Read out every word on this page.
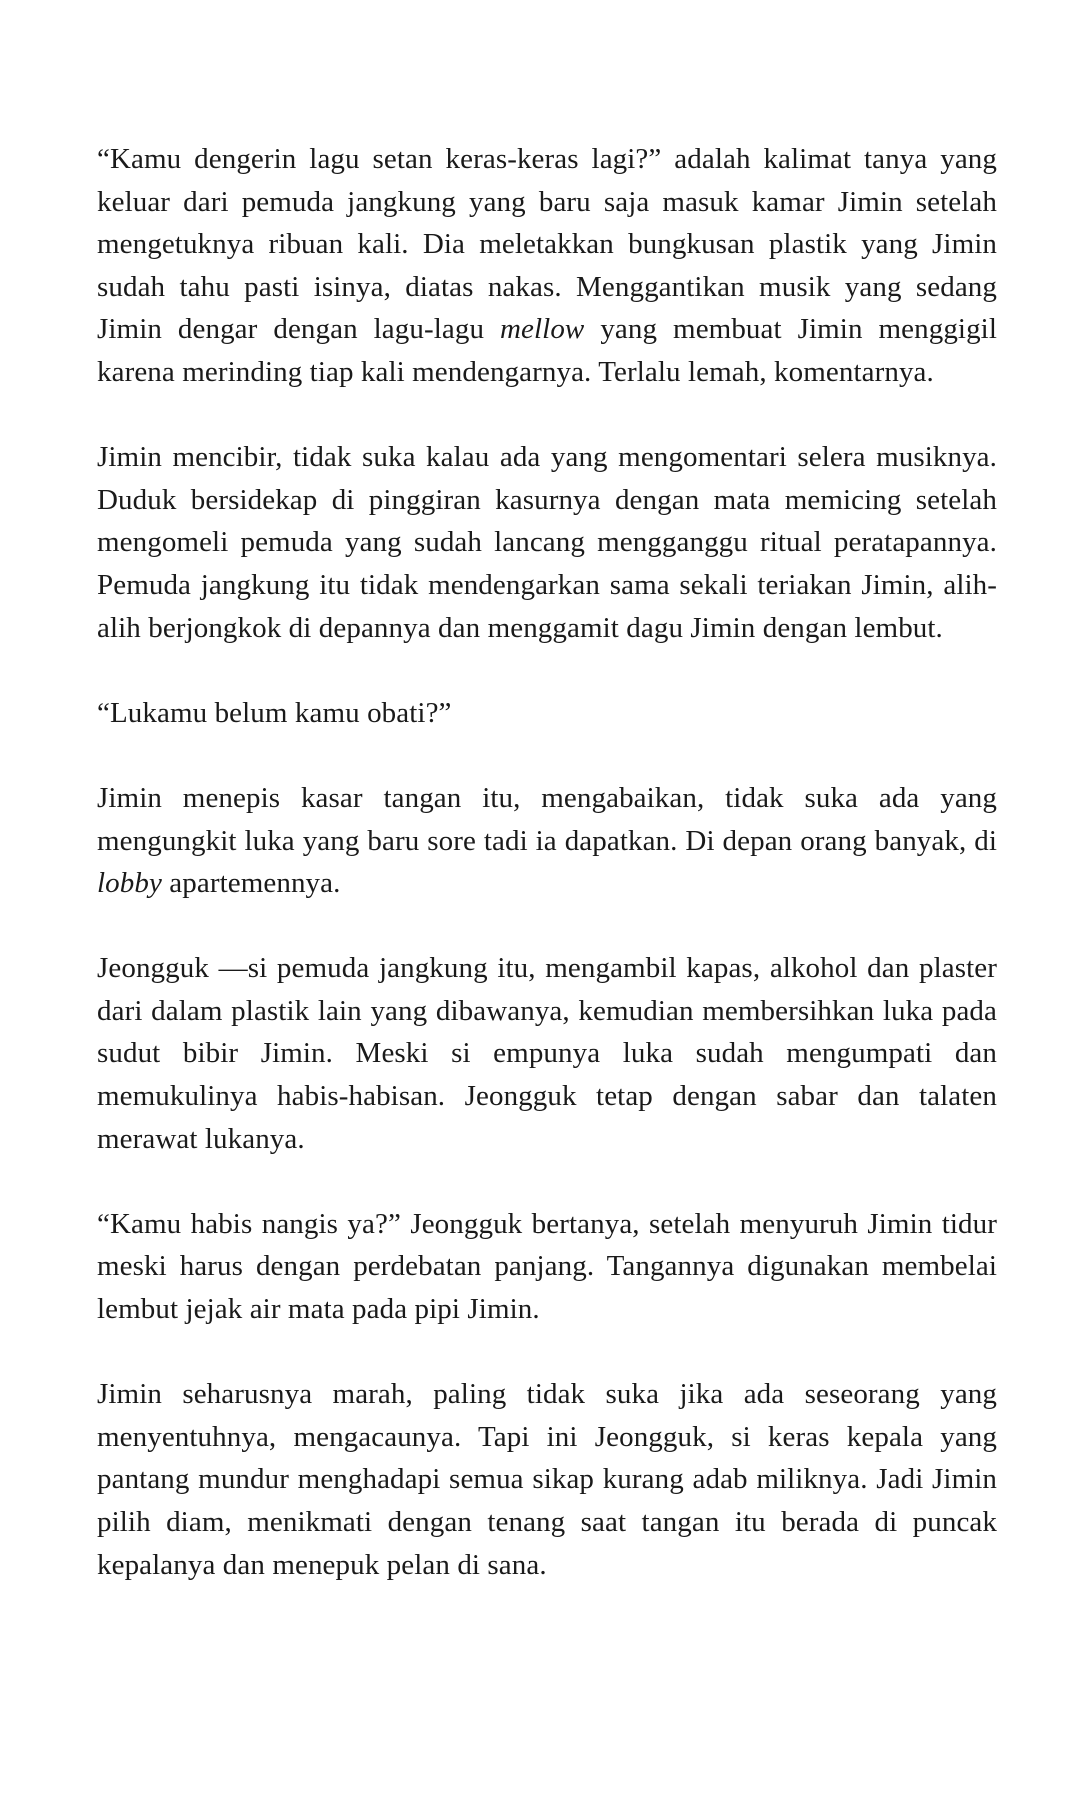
“Kamu dengerin lagu setan keras-keras lagi?” adalah kalimat tanya yang keluar dari pemuda jangkung yang baru saja masuk kamar Jimin setelah mengetuknya ribuan kali. Dia meletakkan bungkusan plastik yang Jimin sudah tahu pasti isinya, diatas nakas. Menggantikan musik yang sedang Jimin dengar dengan lagu-lagu mellow yang membuat Jimin menggigil karena merinding tiap kali mendengarnya. Terlalu lemah, komentarnya.

Jimin mencibir, tidak suka kalau ada yang mengomentari selera musiknya. Duduk bersidekap di pinggiran kasurnya dengan mata memicing setelah mengomeli pemuda yang sudah lancang mengganggu ritual peratapannya. Pemuda jangkung itu tidak mendengarkan sama sekali teriakan Jimin, alih-alih berjongkok di depannya dan menggamit dagu Jimin dengan lembut.

“Lukamu belum kamu obati?”

Jimin menepis kasar tangan itu, mengabaikan, tidak suka ada yang mengungkit luka yang baru sore tadi ia dapatkan. Di depan orang banyak, di lobby apartemennya.

Jeongguk —si pemuda jangkung itu, mengambil kapas, alkohol dan plaster dari dalam plastik lain yang dibawanya, kemudian membersihkan luka pada sudut bibir Jimin. Meski si empunya luka sudah mengumpati dan memukulinya habis-habisan. Jeongguk tetap dengan sabar dan talaten merawat lukanya.

“Kamu habis nangis ya?” Jeongguk bertanya, setelah menyuruh Jimin tidur meski harus dengan perdebatan panjang. Tangannya digunakan membelai lembut jejak air mata pada pipi Jimin.

Jimin seharusnya marah, paling tidak suka jika ada seseorang yang menyentuhnya, mengacaunya. Tapi ini Jeongguk, si keras kepala yang pantang mundur menghadapi semua sikap kurang adab miliknya. Jadi Jimin pilih diam, menikmati dengan tenang saat tangan itu berada di puncak kepalanya dan menepuk pelan di sana.
